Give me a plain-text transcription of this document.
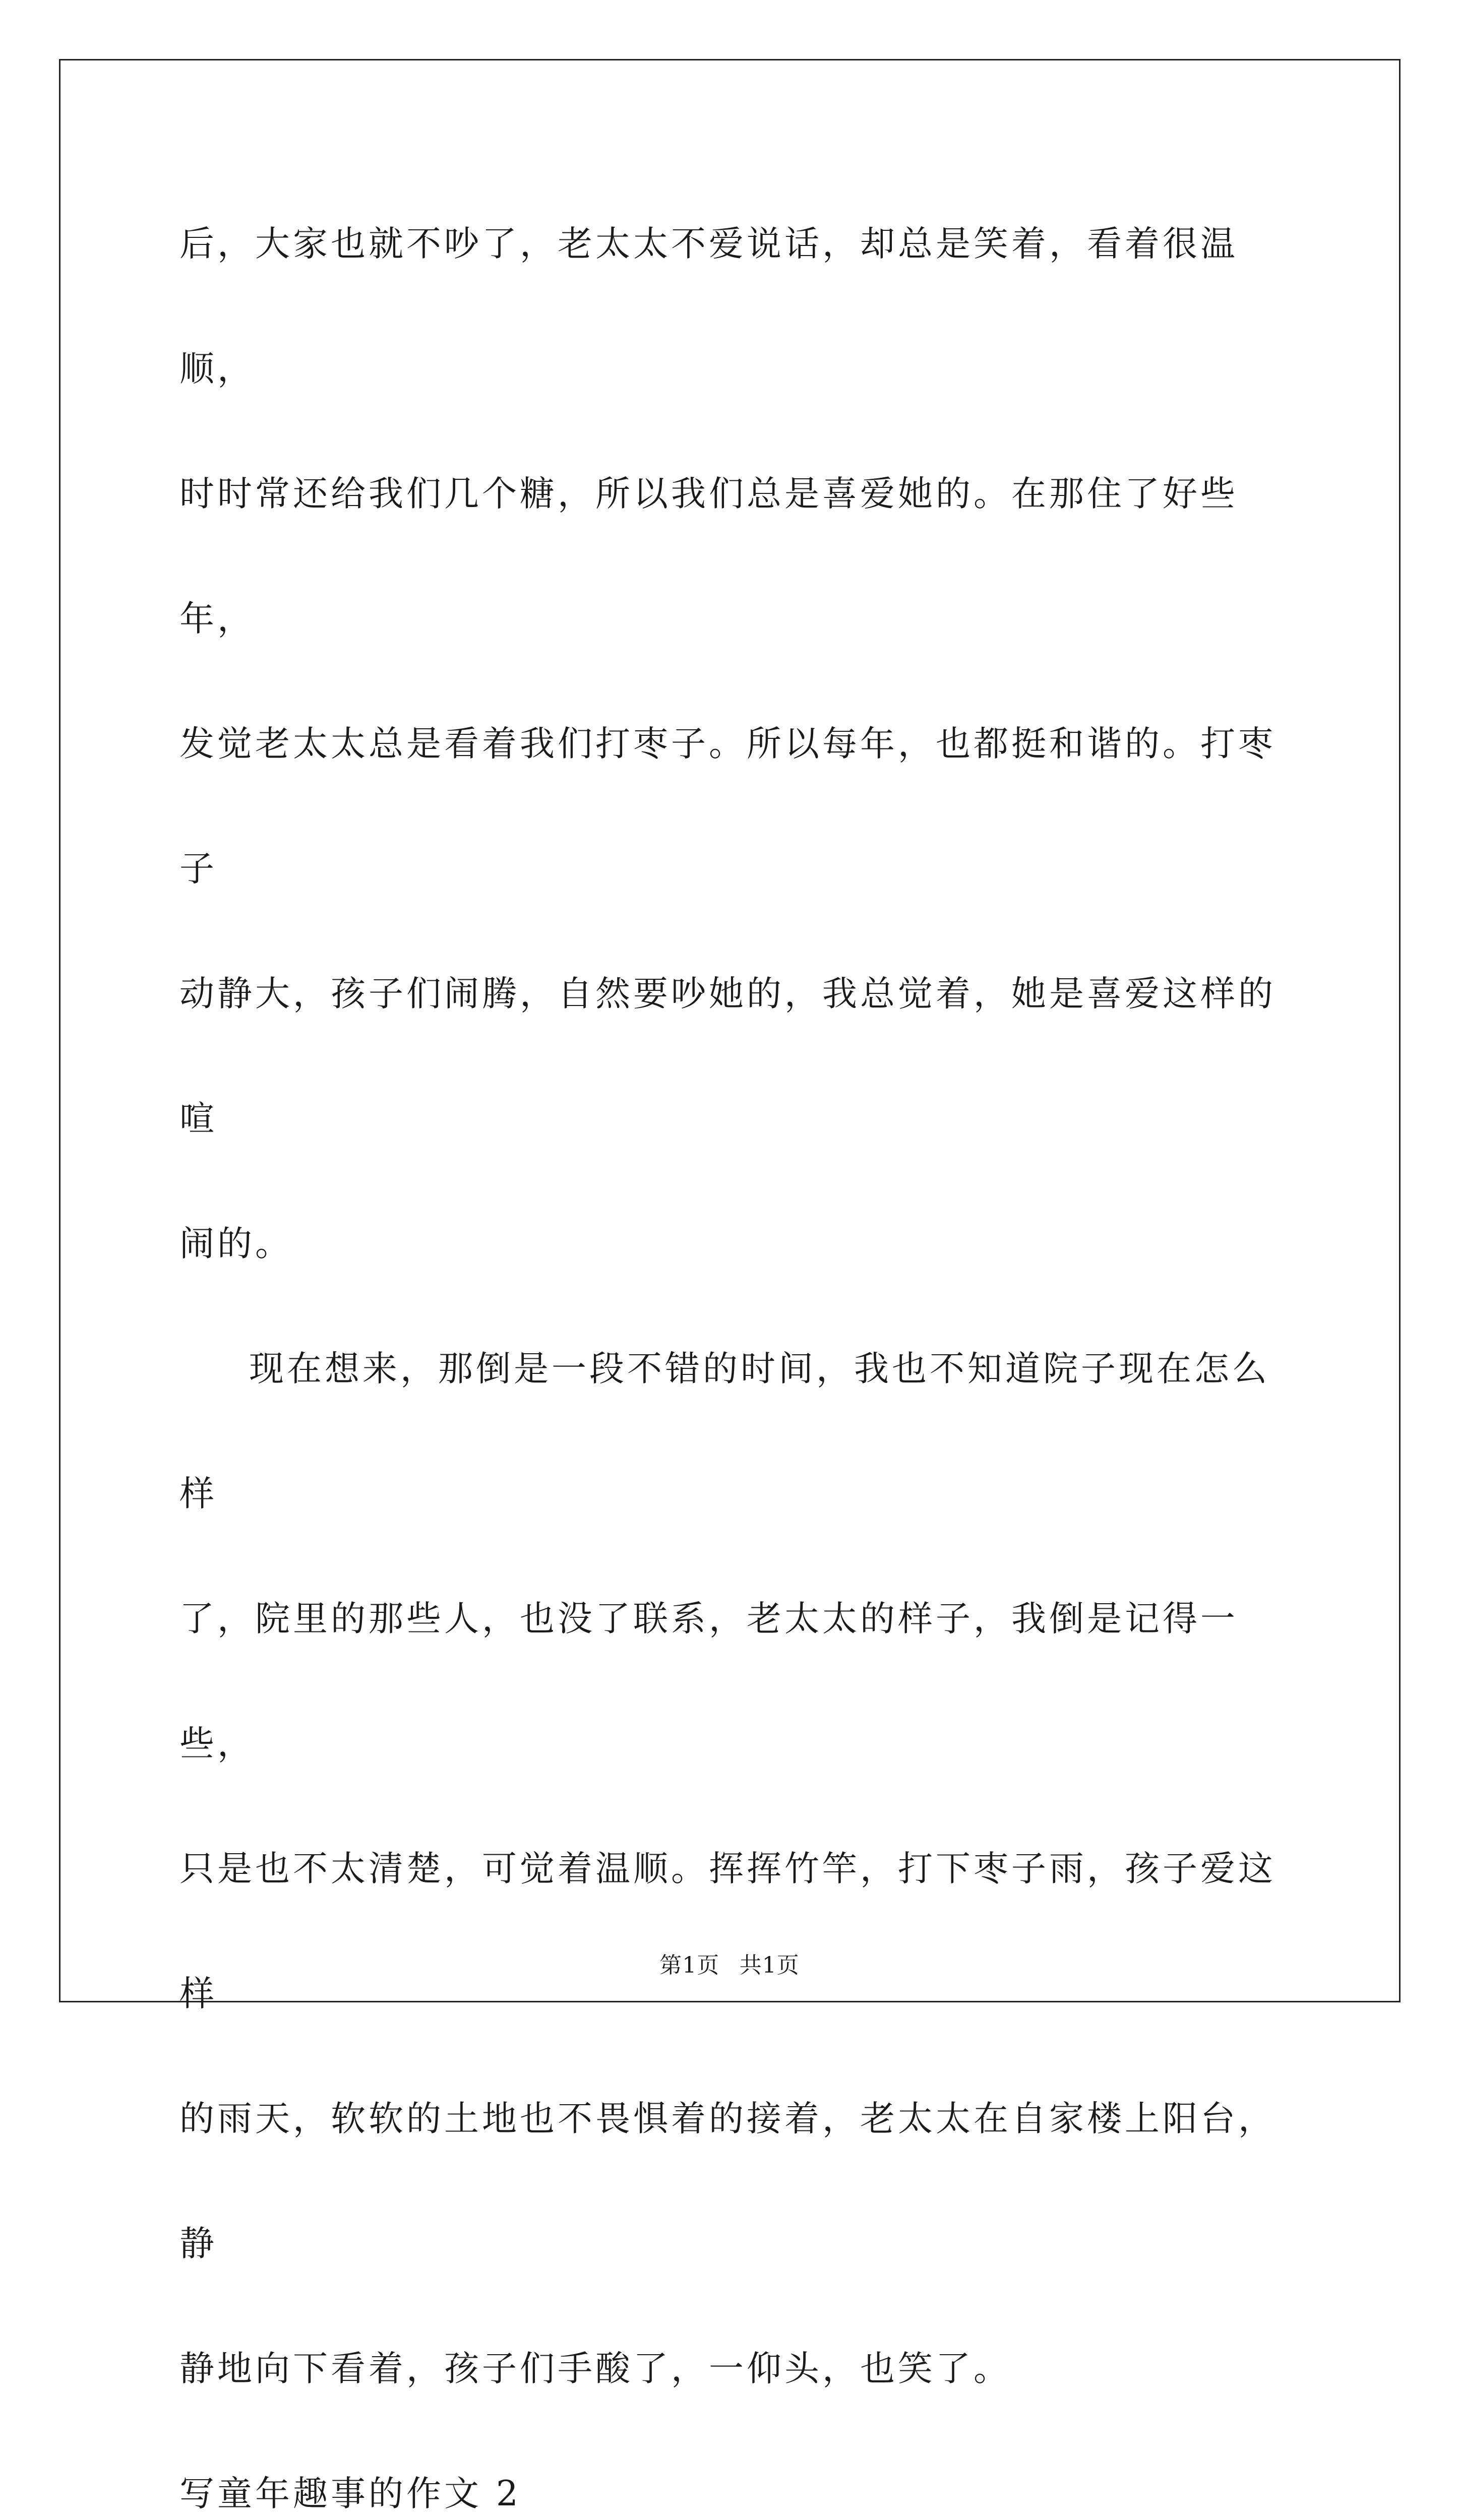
后，大家也就不吵了，老太太不爱说话，却总是笑着，看着很温顺，
时时常还给我们几个糖，所以我们总是喜爱她的。在那住了好些年，
发觉老太太总是看着我们打枣子。所以每年，也都挺和谐的。打枣子
动静大，孩子们闹腾，自然要吵她的，我总觉着，她是喜爱这样的喧
闹的。
现在想来，那倒是一段不错的时间，我也不知道院子现在怎么样
了，院里的那些人，也没了联系，老太太的样子，我倒是记得一些，
只是也不太清楚，可觉着温顺。挥挥竹竿，打下枣子雨，孩子爱这样
的雨天，软软的土地也不畏惧着的接着，老太太在自家楼上阳台，静
静地向下看着，孩子们手酸了，一仰头，也笑了。
写童年趣事的作文 2
第1页 共1页
